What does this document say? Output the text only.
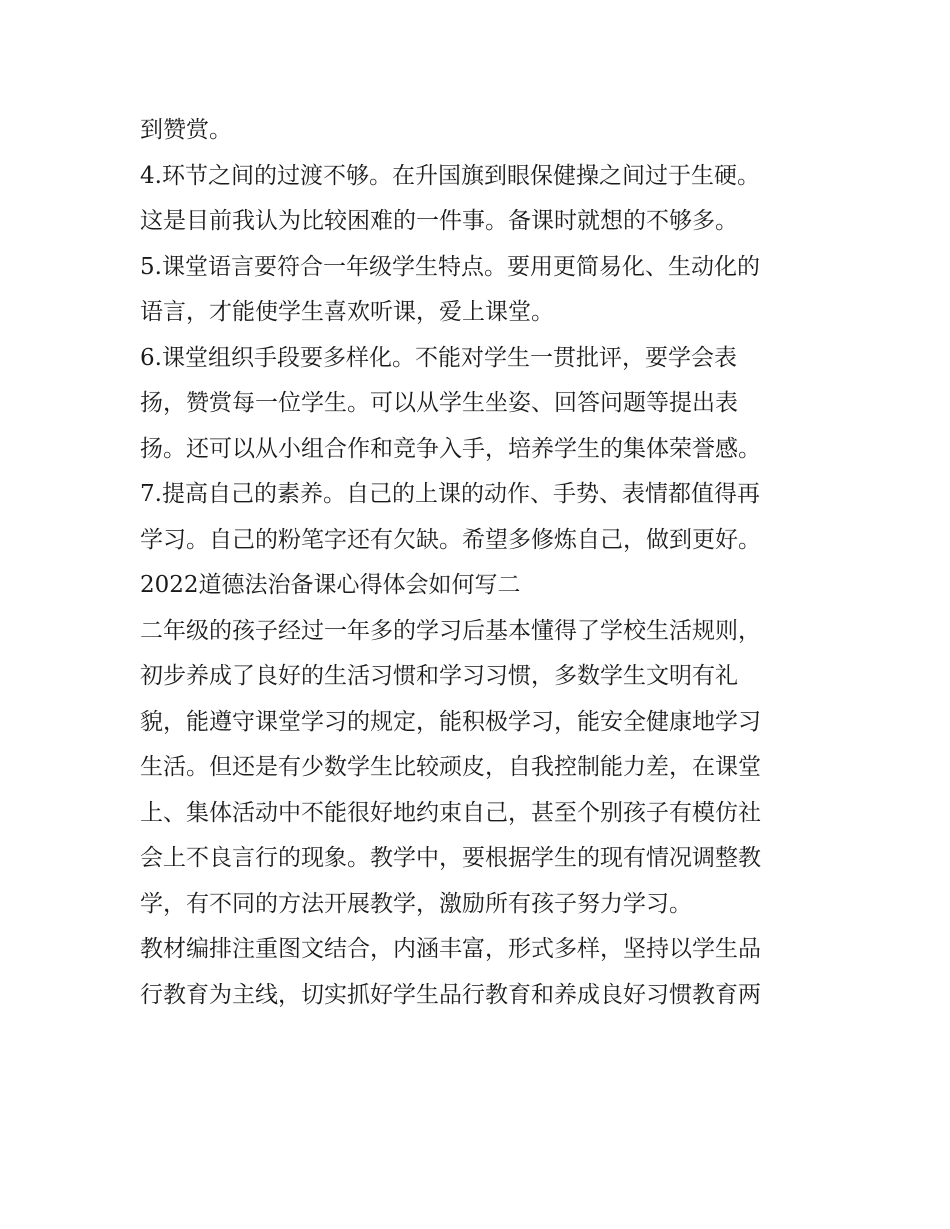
到赞赏。
4.环节之间的过渡不够。在升国旗到眼保健操之间过于生硬。
这是目前我认为比较困难的一件事。备课时就想的不够多。
5.课堂语言要符合一年级学生特点。要用更简易化、生动化的
语言，才能使学生喜欢听课，爱上课堂。
6.课堂组织手段要多样化。不能对学生一贯批评，要学会表
扬，赞赏每一位学生。可以从学生坐姿、回答问题等提出表
扬。还可以从小组合作和竞争入手，培养学生的集体荣誉感。
7.提高自己的素养。自己的上课的动作、手势、表情都值得再
学习。自己的粉笔字还有欠缺。希望多修炼自己，做到更好。
2022道德法治备课心得体会如何写二
二年级的孩子经过一年多的学习后基本懂得了学校生活规则，
初步养成了良好的生活习惯和学习习惯，多数学生文明有礼
貌，能遵守课堂学习的规定，能积极学习，能安全健康地学习
生活。但还是有少数学生比较顽皮，自我控制能力差，在课堂
上、集体活动中不能很好地约束自己，甚至个别孩子有模仿社
会上不良言行的现象。教学中，要根据学生的现有情况调整教
学，有不同的方法开展教学，激励所有孩子努力学习。
教材编排注重图文结合，内涵丰富，形式多样，坚持以学生品
行教育为主线，切实抓好学生品行教育和养成良好习惯教育两
